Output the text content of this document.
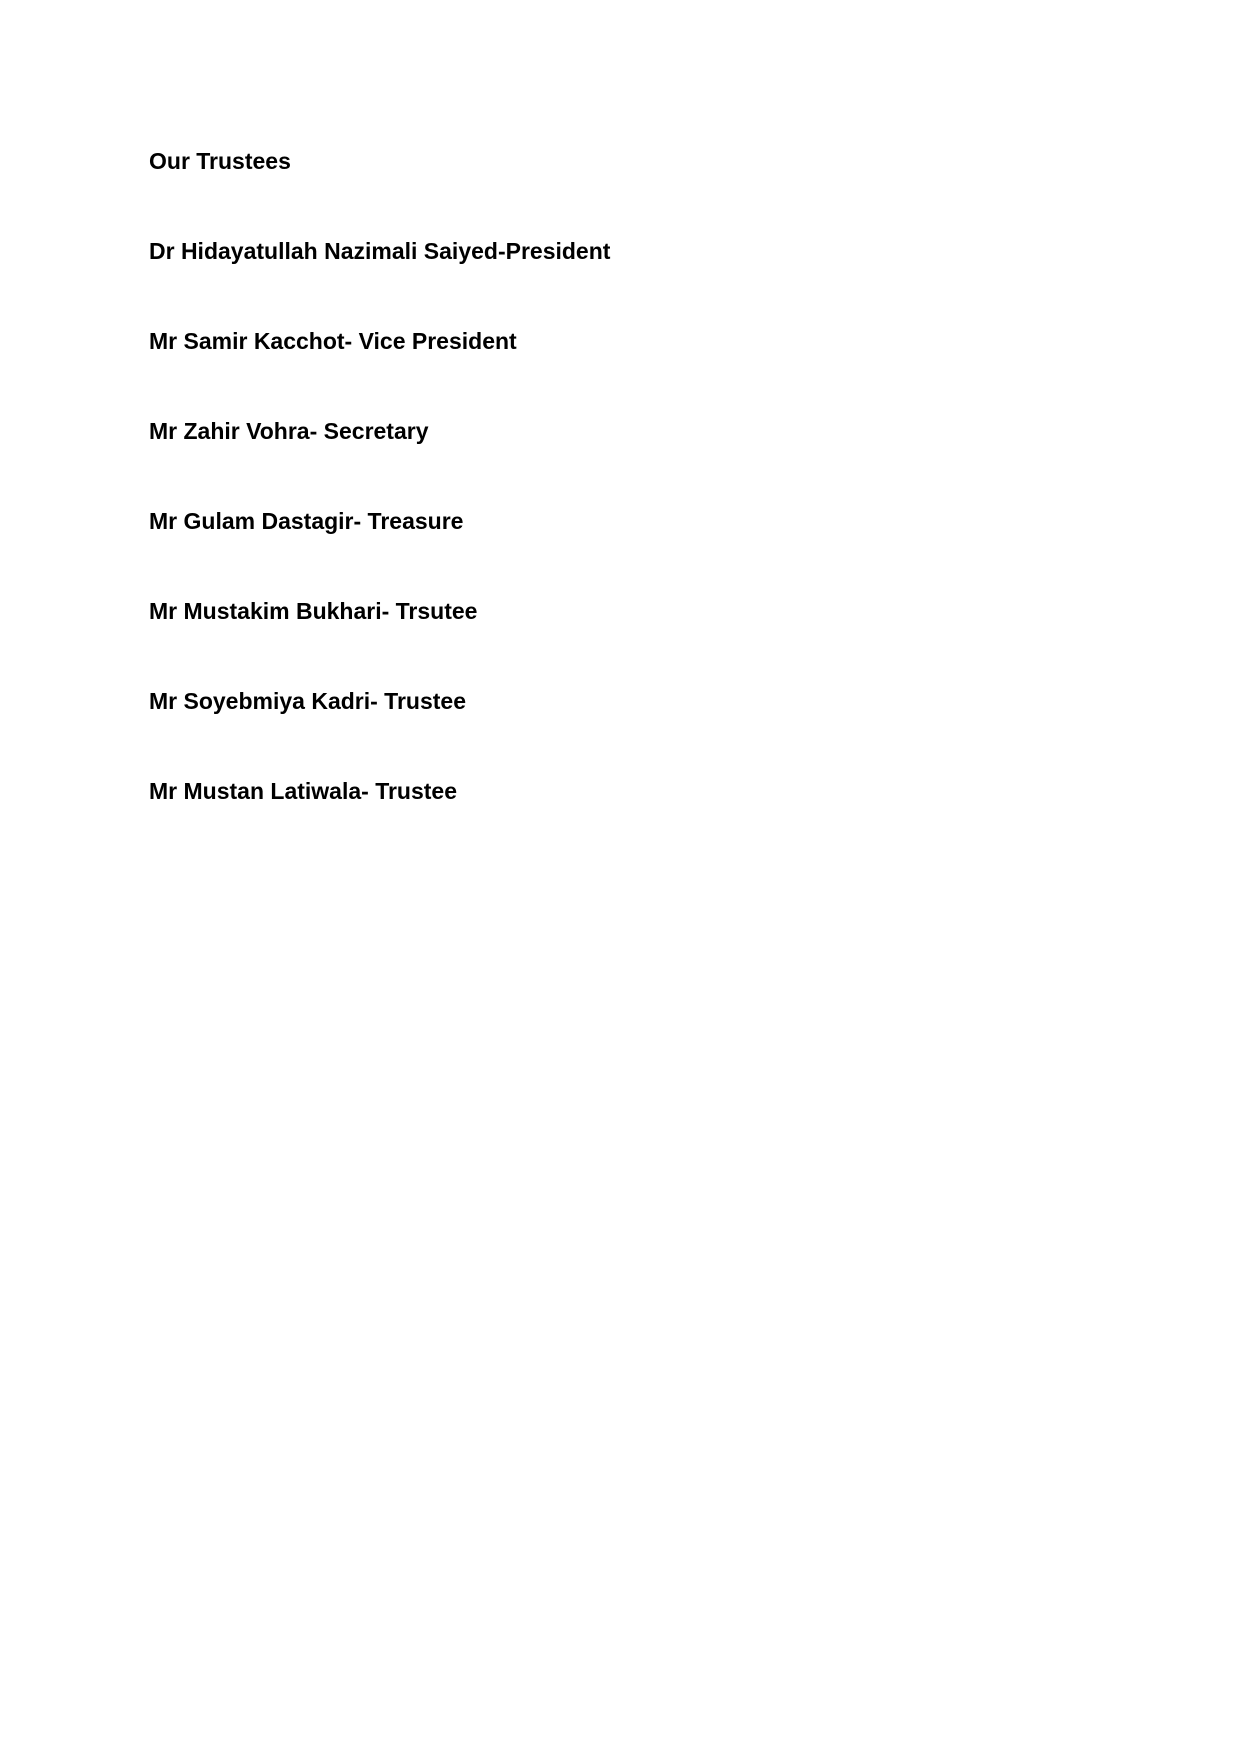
Our Trustees
Dr Hidayatullah Nazimali Saiyed-President
Mr Samir Kacchot- Vice President
Mr Zahir Vohra- Secretary
Mr Gulam Dastagir- Treasure
Mr Mustakim Bukhari- Trsutee
Mr Soyebmiya Kadri- Trustee
Mr Mustan Latiwala- Trustee
